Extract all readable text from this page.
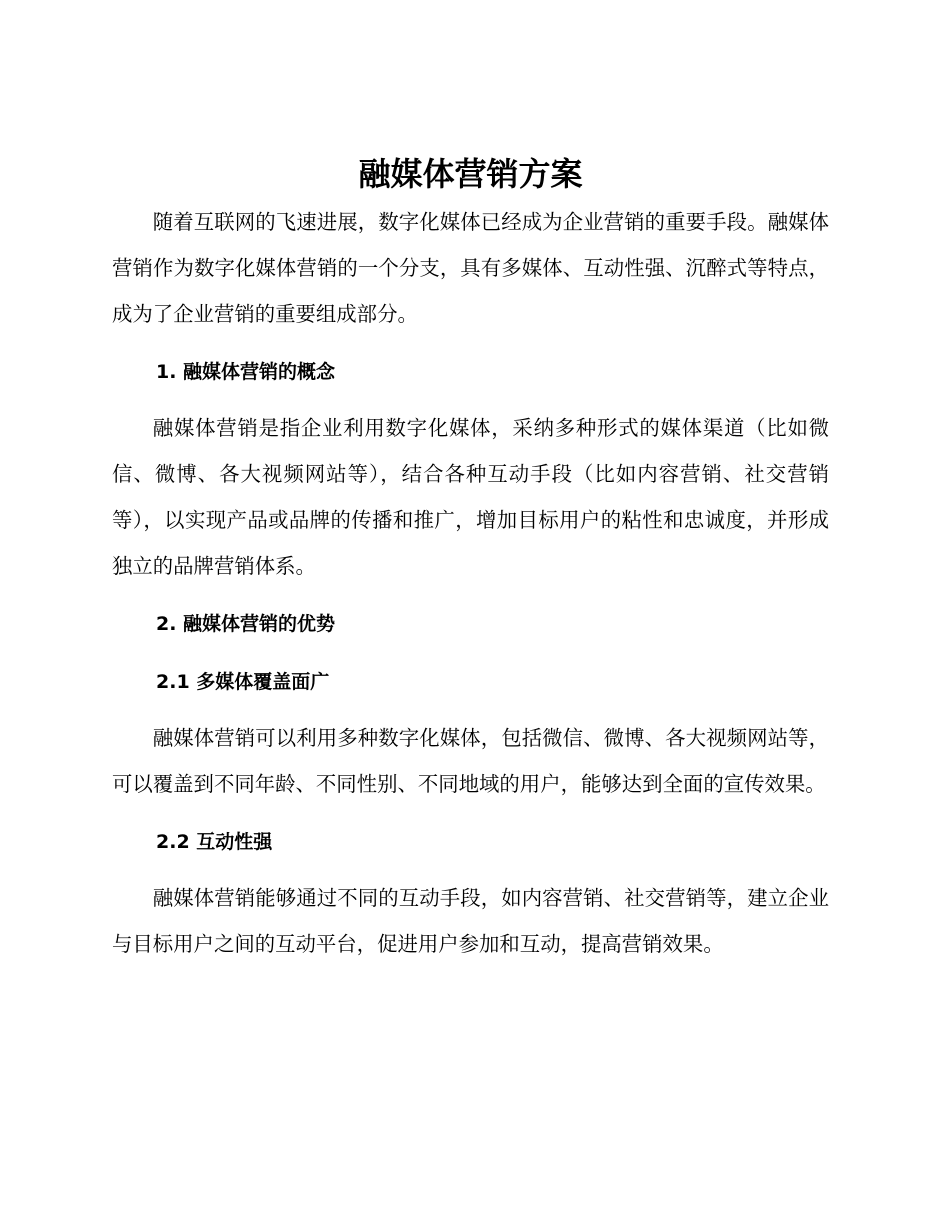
融媒体营销方案

随着互联网的飞速进展，数字化媒体已经成为企业营销的重要手段。融媒体营销作为数字化媒体营销的一个分支，具有多媒体、互动性强、沉醉式等特点，成为了企业营销的重要组成部分。

1. 融媒体营销的概念

融媒体营销是指企业利用数字化媒体，采纳多种形式的媒体渠道（比如微信、微博、各大视频网站等），结合各种互动手段（比如内容营销、社交营销等），以实现产品或品牌的传播和推广，增加目标用户的粘性和忠诚度，并形成独立的品牌营销体系。

2. 融媒体营销的优势
2.1 多媒体覆盖面广

融媒体营销可以利用多种数字化媒体，包括微信、微博、各大视频网站等，可以覆盖到不同年龄、不同性别、不同地域的用户，能够达到全面的宣传效果。

2.2 互动性强

融媒体营销能够通过不同的互动手段，如内容营销、社交营销等，建立企业与目标用户之间的互动平台，促进用户参加和互动，提高营销效果。
